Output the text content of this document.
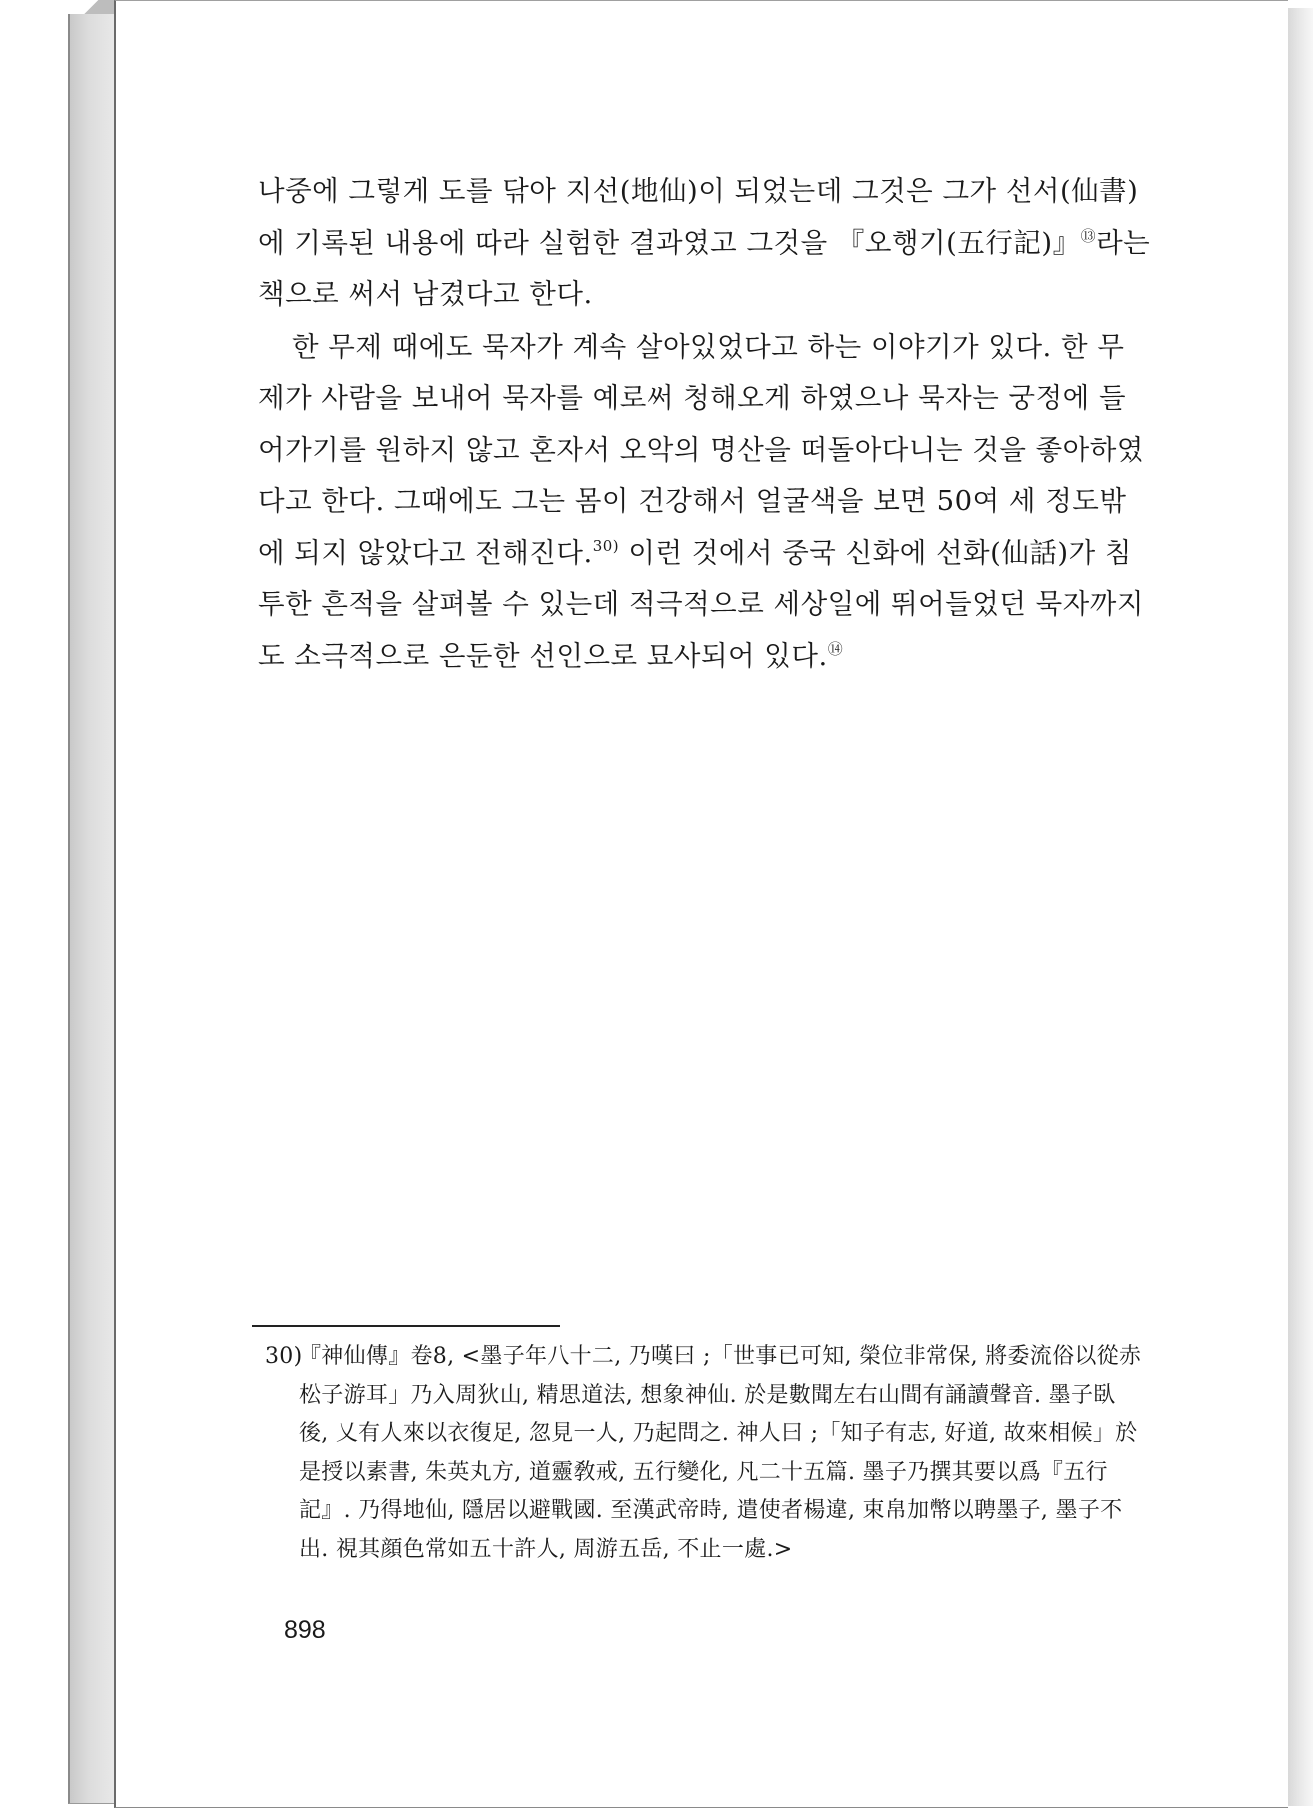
나중에 그렇게 도를 닦아 지선(地仙)이 되었는데 그것은 그가 선서(仙書)
에 기록된 내용에 따라 실험한 결과였고 그것을 『오행기(五行記)』⑬라는
책으로 써서 남겼다고 한다.

한 무제 때에도 묵자가 계속 살아있었다고 하는 이야기가 있다. 한 무
제가 사람을 보내어 묵자를 예로써 청해오게 하였으나 묵자는 궁정에 들
어가기를 원하지 않고 혼자서 오악의 명산을 떠돌아다니는 것을 좋아하였
다고 한다. 그때에도 그는 몸이 건강해서 얼굴색을 보면 50여 세 정도밖
에 되지 않았다고 전해진다.$^{30)}$ 이런 것에서 중국 신화에 선화(仙話)가 침
투한 흔적을 살펴볼 수 있는데 적극적으로 세상일에 뛰어들었던 묵자까지
도 소극적으로 은둔한 선인으로 묘사되어 있다.⑭

30)
『神仙傳』卷8, <墨子年八十二, 乃嘆曰 ;「世事已可知, 榮位非常保, 將委流俗以從赤
松子游耳」乃入周狄山, 精思道法, 想象神仙. 於是數聞左右山間有誦讀聲音. 墨子臥
後, 乂有人來以衣復足, 忽見一人, 乃起問之. 神人曰 ;「知子有志, 好道, 故來相候」於
是授以素書, 朱英丸方, 道靈敎戒, 五行變化, 凡二十五篇. 墨子乃撰其要以爲『五行
記』. 乃得地仙, 隱居以避戰國. 至漢武帝時, 遣使者楊違, 束帛加幣以聘墨子, 墨子不
出. 視其顔色常如五十許人, 周游五岳, 不止一處.>
898
